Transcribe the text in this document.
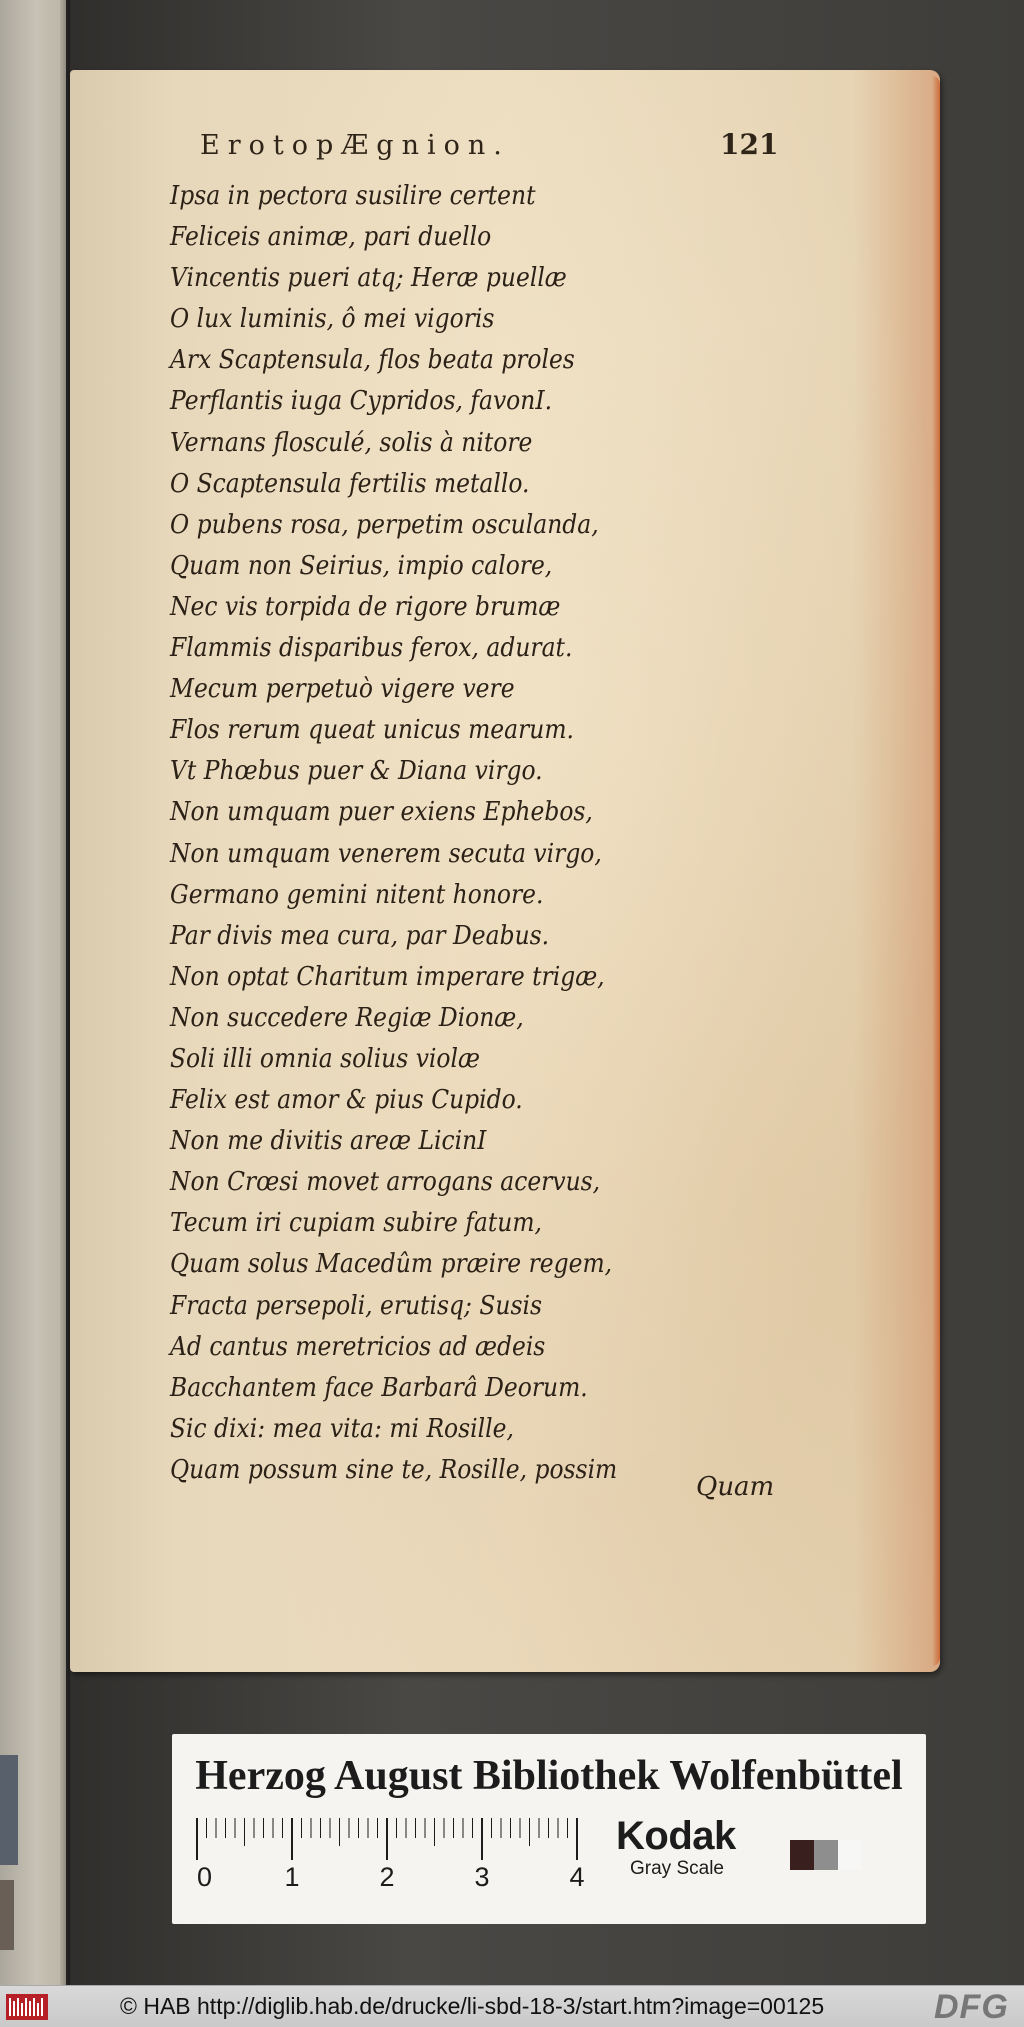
ErotopÆgnion.	121
Ipsa in pectora susilire certent
Feliceis animæ, pari duello
Vincentis pueri atq; Heræ puellæ
O lux luminis, ô mei vigoris
Arx Scaptensula, flos beata proles
Perflantis iuga Cypridos, favonI.
Vernans flosculé, solis à nitore
O Scaptensula fertilis metallo.
O pubens rosa, perpetim osculanda,
Quam non Seirius, impio calore,
Nec vis torpida de rigore brumæ
Flammis disparibus ferox, adurat.
Mecum perpetuò vigere vere
Flos rerum queat unicus mearum.
Vt Phœbus puer & Diana virgo.
Non umquam puer exiens Ephebos,
Non umquam venerem secuta virgo,
Germano gemini nitent honore.
Par divis mea cura, par Deabus.
Non optat Charitum imperare trigæ,
Non succedere Regiæ Dionæ,
Soli illi omnia solius violæ
Felix est amor & pius Cupido.
Non me divitis areæ LicinI
Non Crœsi movet arrogans acervus,
Tecum iri cupiam subire fatum,
Quam solus Macedûm præire regem,
Fracta persepoli, erutisq; Susis
Ad cantus meretricios ad ædeis
Bacchantem face Barbarâ Deorum.
Sic dixi: mea vita: mi Rosille,
Quam possum sine te, Rosille, possim
Quam
Herzog August Bibliothek Wolfenbüttel
0	1	2	3	4
Kodak
Gray Scale
© HAB http://diglib.hab.de/drucke/li-sbd-18-3/start.htm?image=00125	DFG
